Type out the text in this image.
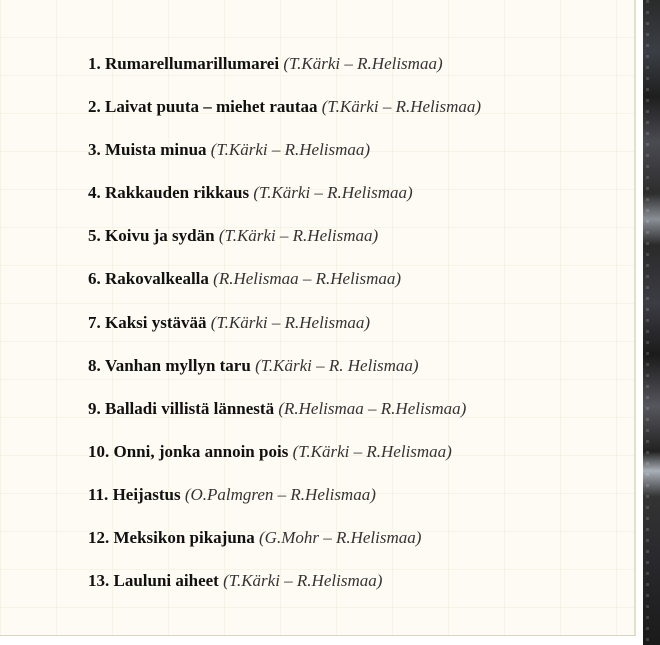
1. Rumarellumarillumarei (T.Kärki – R.Helismaa)
2. Laivat puuta – miehet rautaa (T.Kärki – R.Helismaa)
3. Muista minua (T.Kärki – R.Helismaa)
4. Rakkauden rikkaus (T.Kärki – R.Helismaa)
5. Koivu ja sydän (T.Kärki – R.Helismaa)
6. Rakovalkealla (R.Helismaa – R.Helismaa)
7. Kaksi ystävää (T.Kärki – R.Helismaa)
8. Vanhan myllyn taru (T.Kärki – R. Helismaa)
9. Balladi villistä lännestä (R.Helismaa – R.Helismaa)
10. Onni, jonka annoin pois (T.Kärki – R.Helismaa)
11. Heijastus (O.Palmgren – R.Helismaa)
12. Meksikon pikajuna (G.Mohr – R.Helismaa)
13. Lauluni aiheet (T.Kärki – R.Helismaa)
